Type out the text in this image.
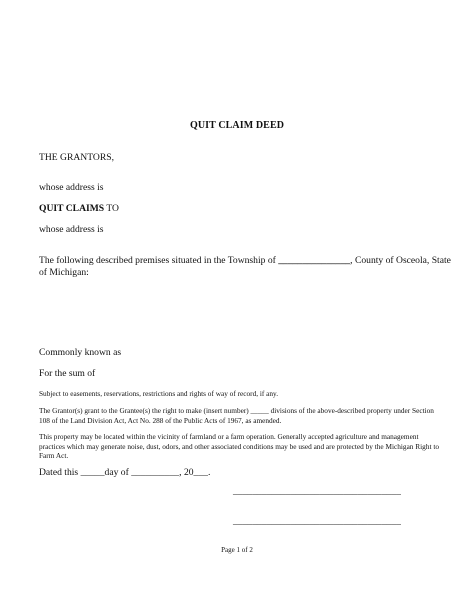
QUIT CLAIM DEED
THE GRANTORS,
whose address is
QUIT CLAIMS TO
whose address is
The following described premises situated in the Township of _______________, County of Osceola, State
of Michigan:
Commonly known as
For the sum of
Subject to easements, reservations, restrictions and rights of way of record, if any.
The Grantor(s) grant to the Grantee(s) the right to make (insert number) _____ divisions of the above-described property under Section 108 of the Land Division Act, Act No. 288 of the Public Acts of 1967, as amended.
This property may be located within the vicinity of farmland or a farm operation. Generally accepted agriculture and management practices which may generate noise, dust, odors, and other associated conditions may be used and are protected by the Michigan Right to Farm Act.
Dated this _____day of __________, 20___.
___________________________________
___________________________________
Page 1 of 2
